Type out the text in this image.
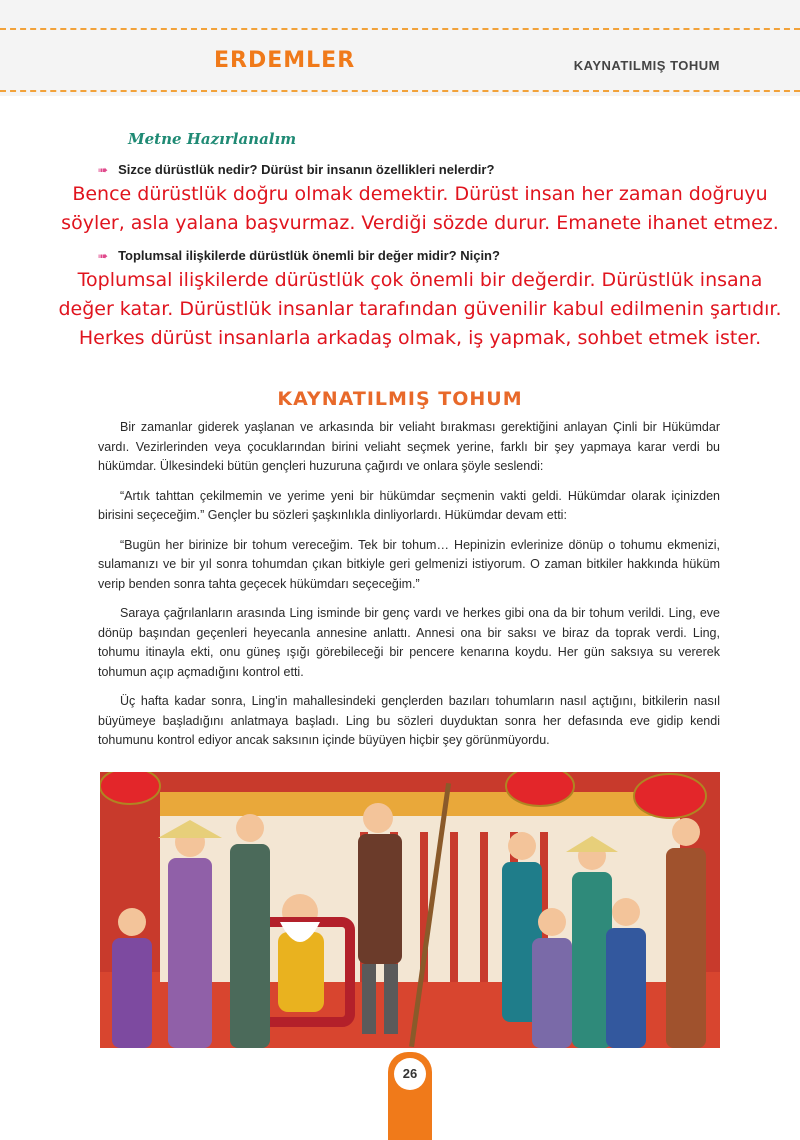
ERDEMLER	KAYNATILMIŞ TOHUM
Metne Hazırlanalım
➠ Sizce dürüstlük nedir? Dürüst bir insanın özellikleri nelerdir?
Bence dürüstlük doğru olmak demektir. Dürüst insan her zaman doğruyu
söyler, asla yalana başvurmaz. Verdiği sözde durur. Emanete ihanet etmez.
➠ Toplumsal ilişkilerde dürüstlük önemli bir değer midir? Niçin?
Toplumsal ilişkilerde dürüstlük çok önemli bir değerdir. Dürüstlük insana
değer katar. Dürüstlük insanlar tarafından güvenilir kabul edilmenin şartıdır.
Herkes dürüst insanlarla arkadaş olmak, iş yapmak, sohbet etmek ister.
KAYNATILMIŞ TOHUM

Bir zamanlar giderek yaşlanan ve arkasında bir veliaht bırakması gerektiğini anlayan Çinli bir Hükümdar vardı. Vezirlerinden veya çocuklarından birini veliaht seçmek yerine, farklı bir şey yapmaya karar verdi bu hükümdar. Ülkesindeki bütün gençleri huzuruna çağırdı ve onlara şöyle seslendi:

“Artık tahttan çekilmemin ve yerime yeni bir hükümdar seçmenin vakti geldi. Hükümdar olarak içinizden birisini seçeceğim.” Gençler bu sözleri şaşkınlıkla dinliyorlardı. Hükümdar devam etti:

“Bugün her birinize bir tohum vereceğim. Tek bir tohum… Hepinizin evlerinize dönüp o tohumu ekmenizi, sulamanızı ve bir yıl sonra tohumdan çıkan bitkiyle geri gelmenizi istiyorum. O zaman bitkiler hakkında hüküm verip benden sonra tahta geçecek hükümdarı seçeceğim.”

Saraya çağrılanların arasında Ling isminde bir genç vardı ve herkes gibi ona da bir tohum verildi. Ling, eve dönüp başından geçenleri heyecanla annesine anlattı. Annesi ona bir saksı ve biraz da toprak verdi. Ling, tohumu itinayla ekti, onu güneş ışığı görebileceği bir pencere kenarına koydu. Her gün saksıya su vererek tohumun açıp açmadığını kontrol etti.

Üç hafta kadar sonra, Ling'in mahallesindeki gençlerden bazıları tohumların nasıl açtığını, bitkilerin nasıl büyümeye başladığını anlatmaya başladı. Ling bu sözleri duyduktan sonra her defasında eve gidip kendi tohumunu kontrol ediyor ancak saksının içinde büyüyen hiçbir şey görünmüyordu.

26
